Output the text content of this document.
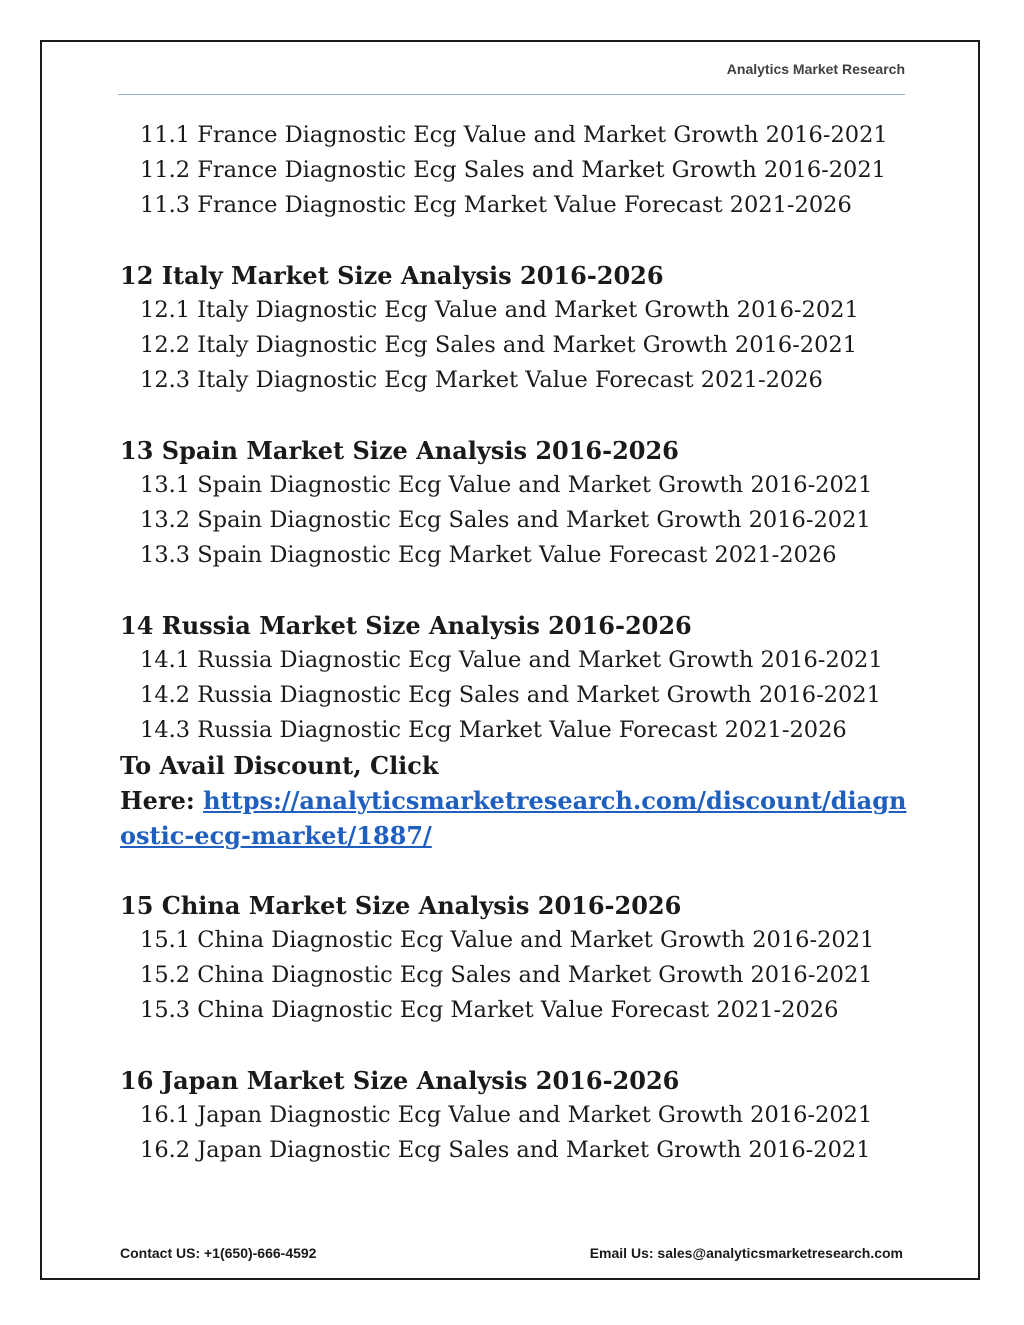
Analytics Market Research
11.1 France Diagnostic Ecg Value and Market Growth 2016-2021
11.2 France Diagnostic Ecg Sales and Market Growth 2016-2021
11.3 France Diagnostic Ecg Market Value Forecast 2021-2026
12 Italy Market Size Analysis 2016-2026
12.1 Italy Diagnostic Ecg Value and Market Growth 2016-2021
12.2 Italy Diagnostic Ecg Sales and Market Growth 2016-2021
12.3 Italy Diagnostic Ecg Market Value Forecast 2021-2026
13 Spain Market Size Analysis 2016-2026
13.1 Spain Diagnostic Ecg Value and Market Growth 2016-2021
13.2 Spain Diagnostic Ecg Sales and Market Growth 2016-2021
13.3 Spain Diagnostic Ecg Market Value Forecast 2021-2026
14 Russia Market Size Analysis 2016-2026
14.1 Russia Diagnostic Ecg Value and Market Growth 2016-2021
14.2 Russia Diagnostic Ecg Sales and Market Growth 2016-2021
14.3 Russia Diagnostic Ecg Market Value Forecast 2021-2026
To Avail Discount, Click
Here: https://analyticsmarketresearch.com/discount/diagnostic-ecg-market/1887/
15 China Market Size Analysis 2016-2026
15.1 China Diagnostic Ecg Value and Market Growth 2016-2021
15.2 China Diagnostic Ecg Sales and Market Growth 2016-2021
15.3 China Diagnostic Ecg Market Value Forecast 2021-2026
16 Japan Market Size Analysis 2016-2026
16.1 Japan Diagnostic Ecg Value and Market Growth 2016-2021
16.2 Japan Diagnostic Ecg Sales and Market Growth 2016-2021
Contact US: +1(650)-666-4592	Email Us: sales@analyticsmarketresearch.com
